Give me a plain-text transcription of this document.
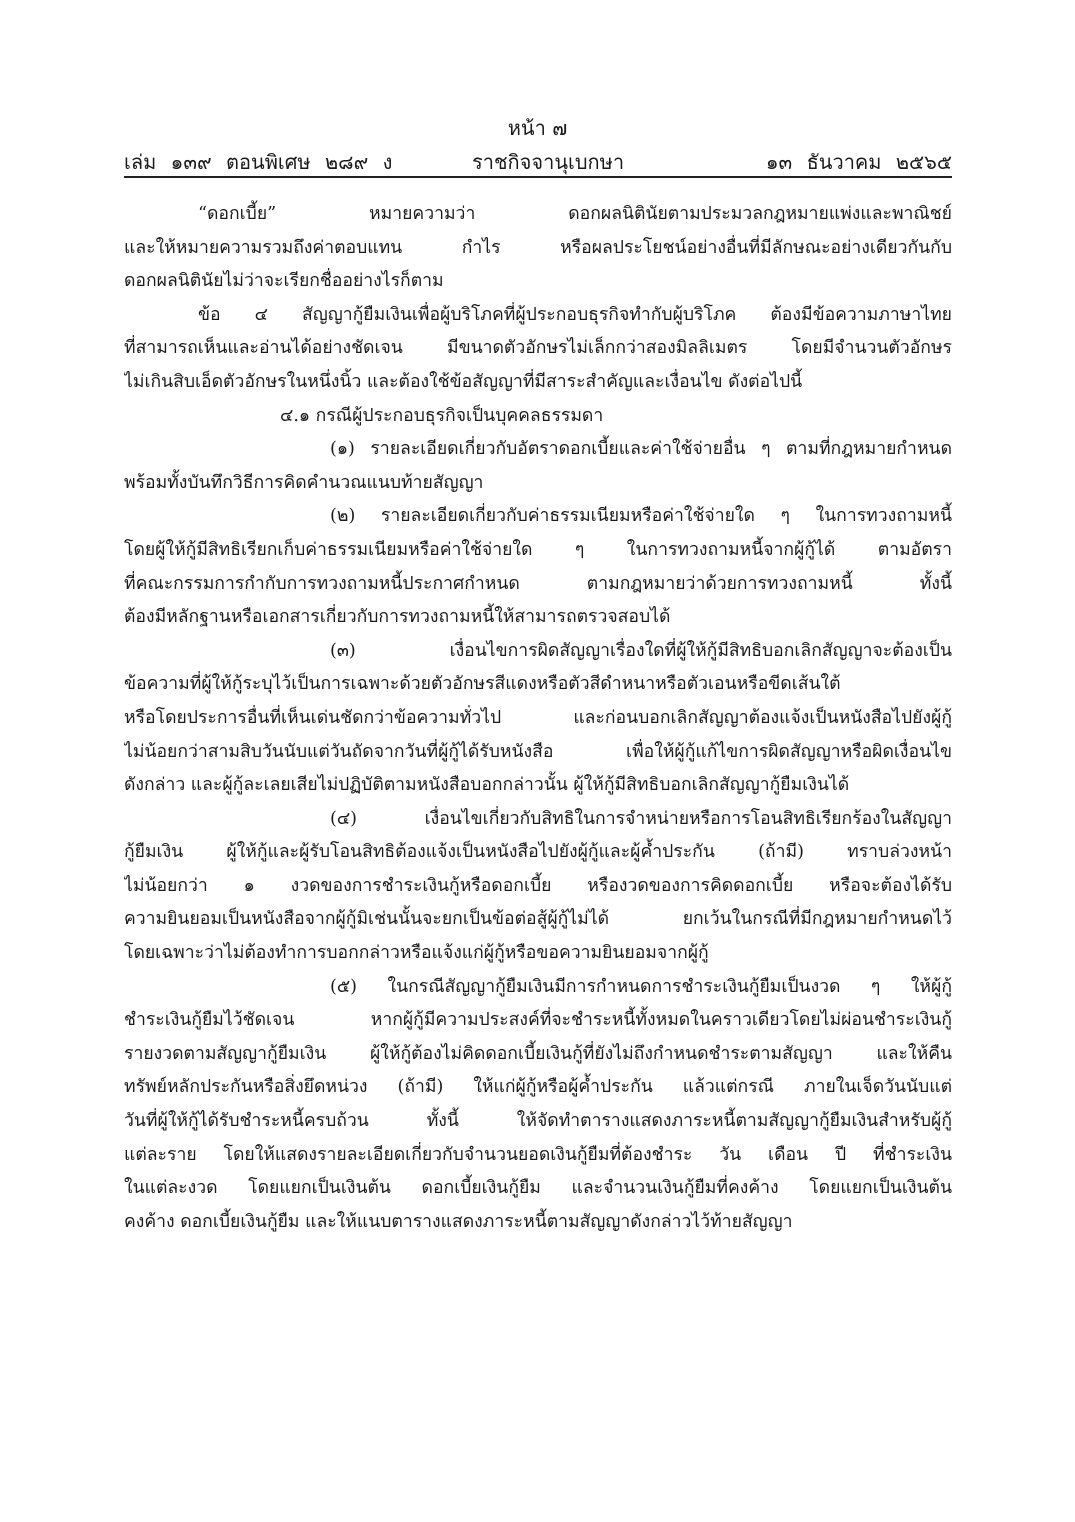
หน้า ๗
เล่ม ๑๓๙ ตอนพิเศษ ๒๘๙ ง	ราชกิจจานุเบกษา	๑๓ ธันวาคม ๒๕๖๕
“ดอกเบี้ย” หมายความว่า ดอกผลนิตินัยตามประมวลกฎหมายแพ่งและพาณิชย์
และให้หมายความรวมถึงค่าตอบแทน กำไร หรือผลประโยชน์อย่างอื่นที่มีลักษณะอย่างเดียวกันกับ
ดอกผลนิตินัยไม่ว่าจะเรียกชื่ออย่างไรก็ตาม
ข้อ ๔ สัญญากู้ยืมเงินเพื่อผู้บริโภคที่ผู้ประกอบธุรกิจทำกับผู้บริโภค ต้องมีข้อความภาษาไทย
ที่สามารถเห็นและอ่านได้อย่างชัดเจน มีขนาดตัวอักษรไม่เล็กกว่าสองมิลลิเมตร โดยมีจำนวนตัวอักษร
ไม่เกินสิบเอ็ดตัวอักษรในหนึ่งนิ้ว และต้องใช้ข้อสัญญาที่มีสาระสำคัญและเงื่อนไข ดังต่อไปนี้
๔.๑ กรณีผู้ประกอบธุรกิจเป็นบุคคลธรรมดา
(๑) รายละเอียดเกี่ยวกับอัตราดอกเบี้ยและค่าใช้จ่ายอื่น ๆ ตามที่กฎหมายกำหนด
พร้อมทั้งบันทึกวิธีการคิดคำนวณแนบท้ายสัญญา
(๒) รายละเอียดเกี่ยวกับค่าธรรมเนียมหรือค่าใช้จ่ายใด ๆ ในการทวงถามหนี้
โดยผู้ให้กู้มีสิทธิเรียกเก็บค่าธรรมเนียมหรือค่าใช้จ่ายใด ๆ ในการทวงถามหนี้จากผู้กู้ได้ ตามอัตรา
ที่คณะกรรมการกำกับการทวงถามหนี้ประกาศกำหนด ตามกฎหมายว่าด้วยการทวงถามหนี้ ทั้งนี้
ต้องมีหลักฐานหรือเอกสารเกี่ยวกับการทวงถามหนี้ให้สามารถตรวจสอบได้
(๓) เงื่อนไขการผิดสัญญาเรื่องใดที่ผู้ให้กู้มีสิทธิบอกเลิกสัญญาจะต้องเป็น
ข้อความที่ผู้ให้กู้ระบุไว้เป็นการเฉพาะด้วยตัวอักษรสีแดงหรือตัวสีดำหนาหรือตัวเอนหรือขีดเส้นใต้
หรือโดยประการอื่นที่เห็นเด่นชัดกว่าข้อความทั่วไป และก่อนบอกเลิกสัญญาต้องแจ้งเป็นหนังสือไปยังผู้กู้
ไม่น้อยกว่าสามสิบวันนับแต่วันถัดจากวันที่ผู้กู้ได้รับหนังสือ เพื่อให้ผู้กู้แก้ไขการผิดสัญญาหรือผิดเงื่อนไข
ดังกล่าว และผู้กู้ละเลยเสียไม่ปฏิบัติตามหนังสือบอกกล่าวนั้น ผู้ให้กู้มีสิทธิบอกเลิกสัญญากู้ยืมเงินได้
(๔) เงื่อนไขเกี่ยวกับสิทธิในการจำหน่ายหรือการโอนสิทธิเรียกร้องในสัญญา
กู้ยืมเงิน ผู้ให้กู้และผู้รับโอนสิทธิต้องแจ้งเป็นหนังสือไปยังผู้กู้และผู้ค้ำประกัน (ถ้ามี) ทราบล่วงหน้า
ไม่น้อยกว่า ๑ งวดของการชำระเงินกู้หรือดอกเบี้ย หรืองวดของการคิดดอกเบี้ย หรือจะต้องได้รับ
ความยินยอมเป็นหนังสือจากผู้กู้มิเช่นนั้นจะยกเป็นข้อต่อสู้ผู้กู้ไม่ได้ ยกเว้นในกรณีที่มีกฎหมายกำหนดไว้
โดยเฉพาะว่าไม่ต้องทำการบอกกล่าวหรือแจ้งแก่ผู้กู้หรือขอความยินยอมจากผู้กู้
(๕) ในกรณีสัญญากู้ยืมเงินมีการกำหนดการชำระเงินกู้ยืมเป็นงวด ๆ ให้ผู้กู้
ชำระเงินกู้ยืมไว้ชัดเจน หากผู้กู้มีความประสงค์ที่จะชำระหนี้ทั้งหมดในคราวเดียวโดยไม่ผ่อนชำระเงินกู้
รายงวดตามสัญญากู้ยืมเงิน ผู้ให้กู้ต้องไม่คิดดอกเบี้ยเงินกู้ที่ยังไม่ถึงกำหนดชำระตามสัญญา และให้คืน
ทรัพย์หลักประกันหรือสิ่งยึดหน่วง (ถ้ามี) ให้แก่ผู้กู้หรือผู้ค้ำประกัน แล้วแต่กรณี ภายในเจ็ดวันนับแต่
วันที่ผู้ให้กู้ได้รับชำระหนี้ครบถ้วน ทั้งนี้ ให้จัดทำตารางแสดงภาระหนี้ตามสัญญากู้ยืมเงินสำหรับผู้กู้
แต่ละราย โดยให้แสดงรายละเอียดเกี่ยวกับจำนวนยอดเงินกู้ยืมที่ต้องชำระ วัน เดือน ปี ที่ชำระเงิน
ในแต่ละงวด โดยแยกเป็นเงินต้น ดอกเบี้ยเงินกู้ยืม และจำนวนเงินกู้ยืมที่คงค้าง โดยแยกเป็นเงินต้น
คงค้าง ดอกเบี้ยเงินกู้ยืม และให้แนบตารางแสดงภาระหนี้ตามสัญญาดังกล่าวไว้ท้ายสัญญา
